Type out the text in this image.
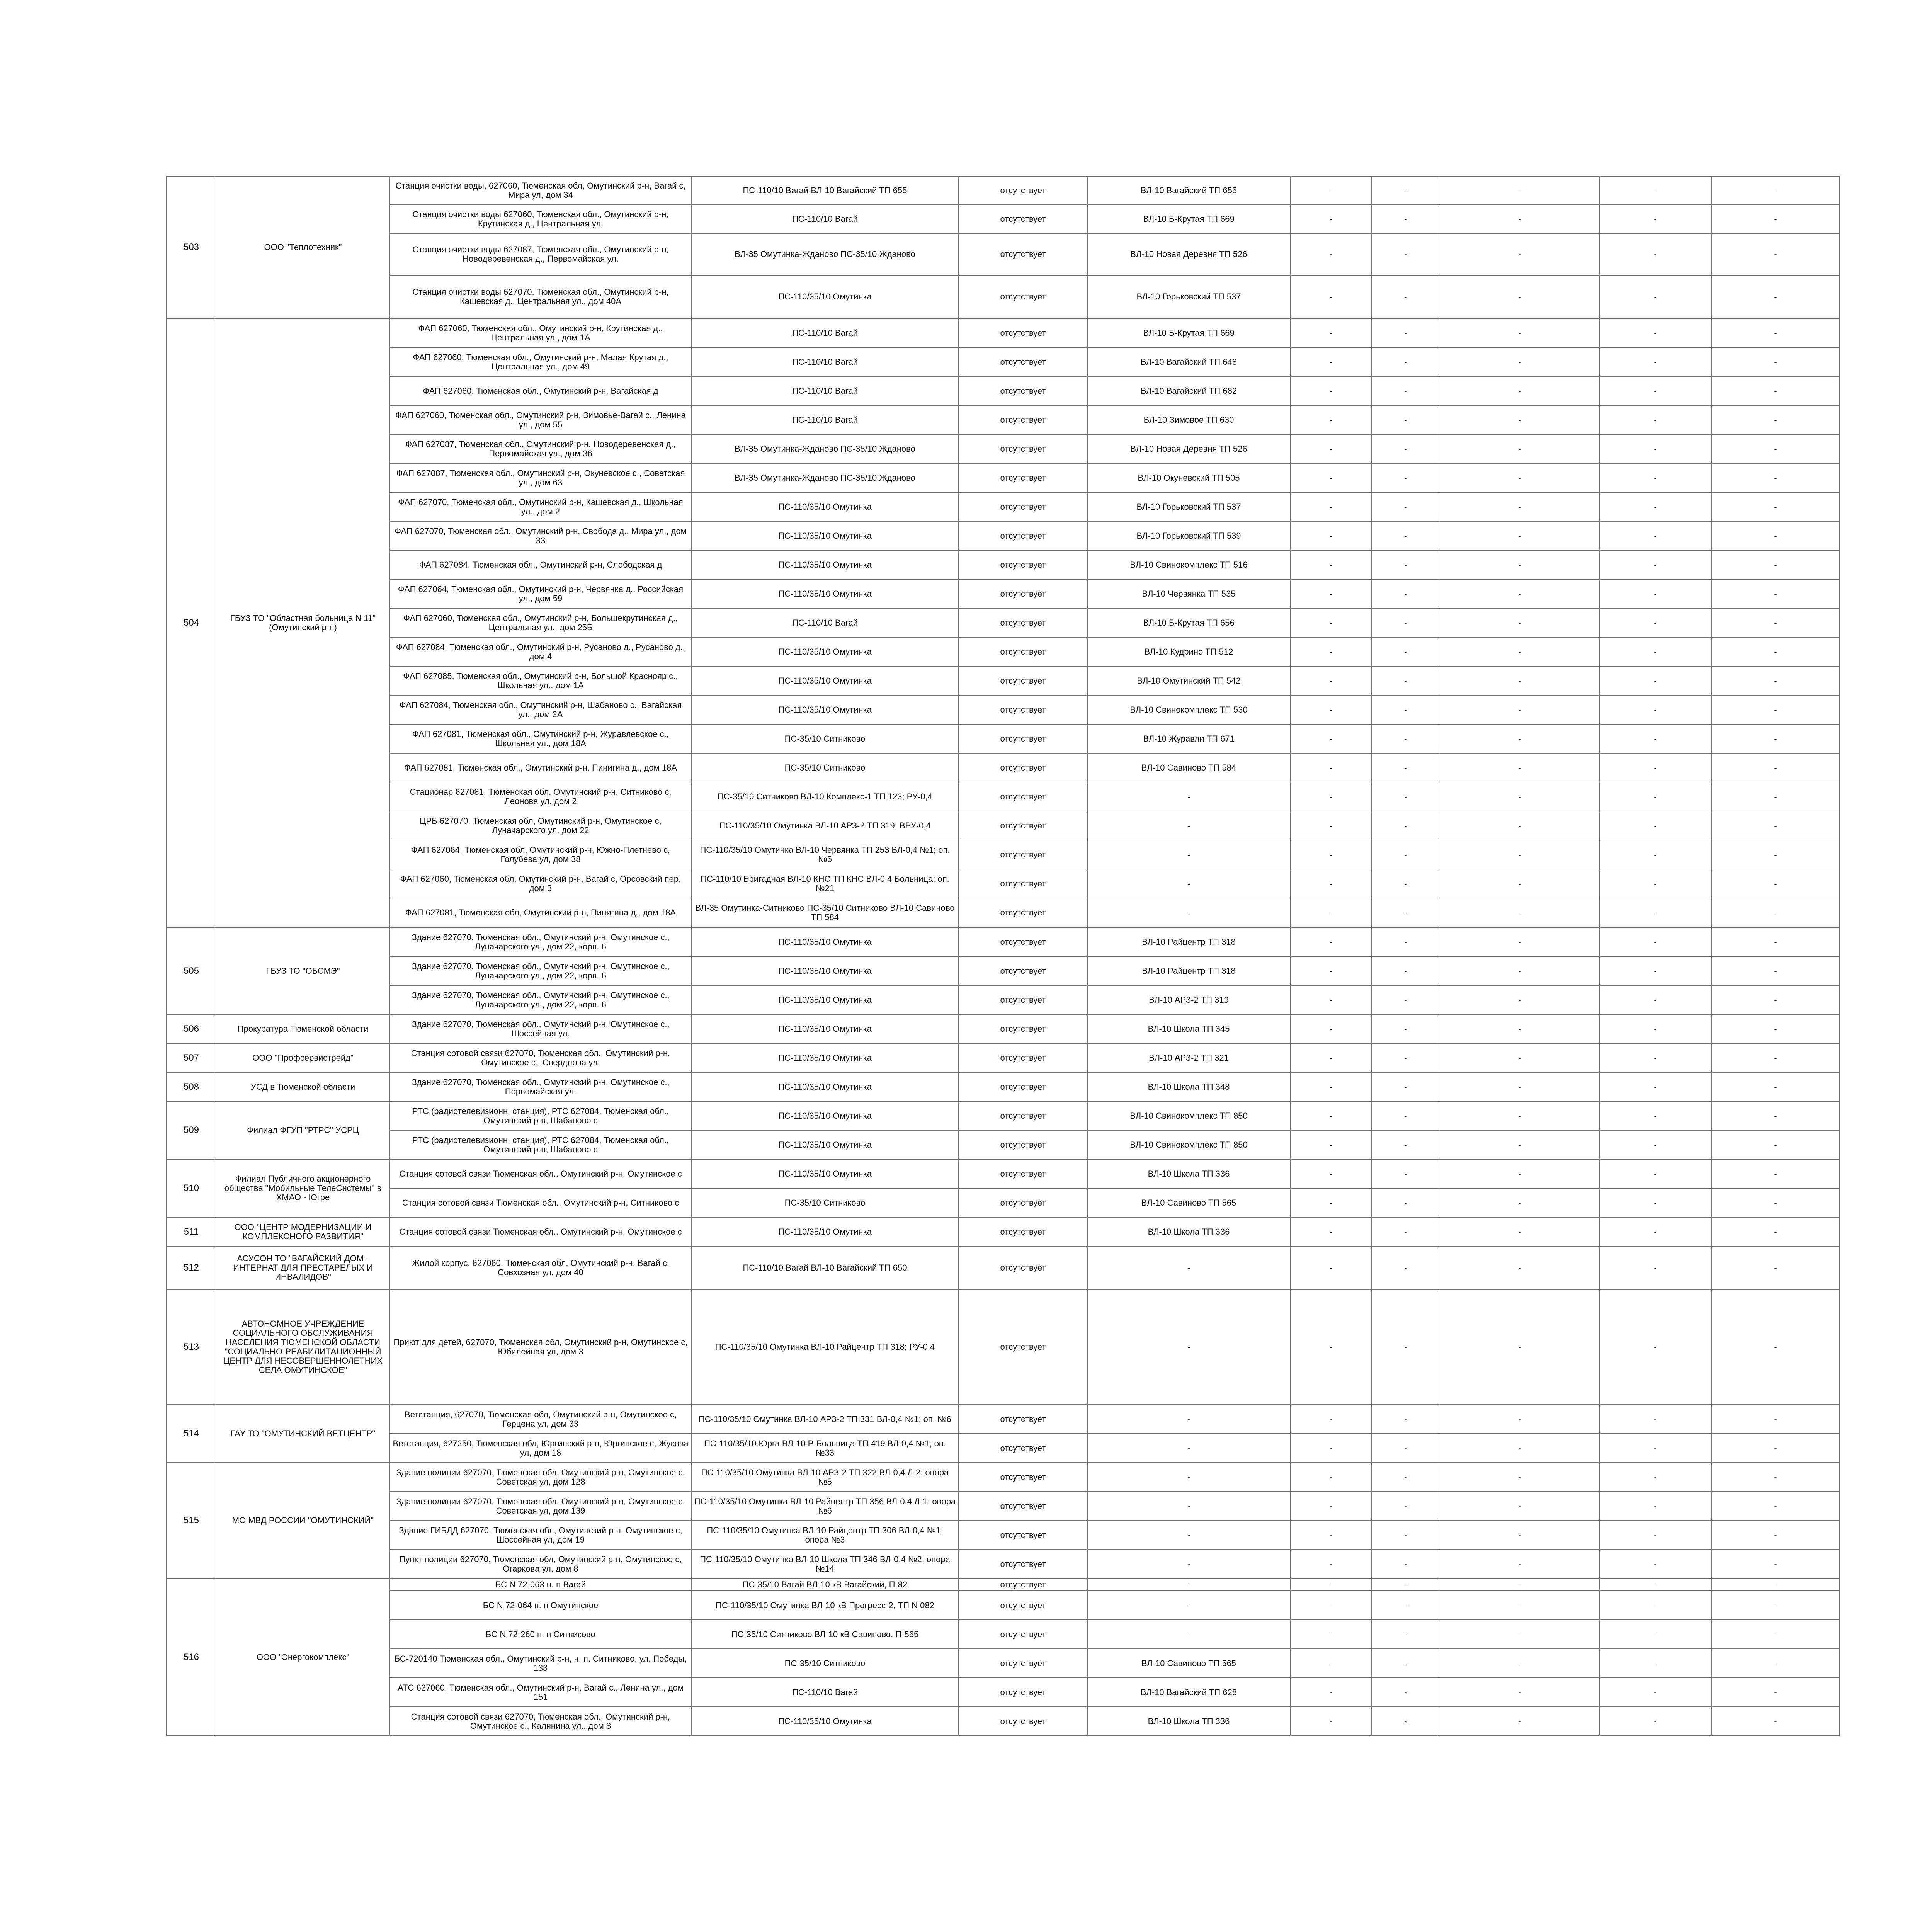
503	ООО "Теплотехник"	Станция очистки воды, 627060, Тюменская обл, Омутинский р-н, Вагай с, Мира ул, дом 34	ПС-110/10 Вагай ВЛ-10 Вагайский ТП 655	отсутствует	ВЛ-10 Вагайский ТП 655	-	-	-	-	-
		Станция очистки воды 627060, Тюменская обл., Омутинский р-н, Крутинская д., Центральная ул.	ПС-110/10 Вагай	отсутствует	ВЛ-10 Б-Крутая ТП 669	-	-	-	-	-
		Станция очистки воды 627087, Тюменская обл., Омутинский р-н, Новодеревенская д., Первомайская ул.	ВЛ-35 Омутинка-Жданово ПС-35/10 Жданово	отсутствует	ВЛ-10 Новая Деревня ТП 526	-	-	-	-	-
		Станция очистки воды 627070, Тюменская обл., Омутинский р-н, Кашевская д., Центральная ул., дом 40А	ПС-110/35/10 Омутинка	отсутствует	ВЛ-10 Горьковский ТП 537	-	-	-	-	-
504	ГБУЗ ТО "Областная больница N 11" (Омутинский р-н)	ФАП 627060, Тюменская обл., Омутинский р-н, Крутинская д., Центральная ул., дом 1А	ПС-110/10 Вагай	отсутствует	ВЛ-10 Б-Крутая ТП 669	-	-	-	-	-
		ФАП 627060, Тюменская обл., Омутинский р-н, Малая Крутая д., Центральная ул., дом 49	ПС-110/10 Вагай	отсутствует	ВЛ-10 Вагайский ТП 648	-	-	-	-	-
		ФАП 627060, Тюменская обл., Омутинский р-н, Вагайская д	ПС-110/10 Вагай	отсутствует	ВЛ-10 Вагайский ТП 682	-	-	-	-	-
		ФАП 627060, Тюменская обл., Омутинский р-н, Зимовье-Вагай с., Ленина ул., дом 55	ПС-110/10 Вагай	отсутствует	ВЛ-10 Зимовое ТП 630	-	-	-	-	-
		ФАП 627087, Тюменская обл., Омутинский р-н, Новодеревенская д., Первомайская ул., дом 36	ВЛ-35 Омутинка-Жданово ПС-35/10 Жданово	отсутствует	ВЛ-10 Новая Деревня ТП 526	-	-	-	-	-
		ФАП 627087, Тюменская обл., Омутинский р-н, Окуневское с., Советская ул., дом 63	ВЛ-35 Омутинка-Жданово ПС-35/10 Жданово	отсутствует	ВЛ-10 Окуневский ТП 505	-	-	-	-	-
		ФАП 627070, Тюменская обл., Омутинский р-н, Кашевская д., Школьная ул., дом 2	ПС-110/35/10 Омутинка	отсутствует	ВЛ-10 Горьковский ТП 537	-	-	-	-	-
		ФАП 627070, Тюменская обл., Омутинский р-н, Свобода д., Мира ул., дом 33	ПС-110/35/10 Омутинка	отсутствует	ВЛ-10 Горьковский ТП 539	-	-	-	-	-
		ФАП 627084, Тюменская обл., Омутинский р-н, Слободская д	ПС-110/35/10 Омутинка	отсутствует	ВЛ-10 Свинокомплекс ТП 516	-	-	-	-	-
		ФАП 627064, Тюменская обл., Омутинский р-н, Червянка д., Российская ул., дом 59	ПС-110/35/10 Омутинка	отсутствует	ВЛ-10 Червянка ТП 535	-	-	-	-	-
		ФАП 627060, Тюменская обл., Омутинский р-н, Большекрутинская д., Центральная ул., дом 25Б	ПС-110/10 Вагай	отсутствует	ВЛ-10 Б-Крутая ТП 656	-	-	-	-	-
		ФАП 627084, Тюменская обл., Омутинский р-н, Русаново д., Русаново д., дом 4	ПС-110/35/10 Омутинка	отсутствует	ВЛ-10 Кудрино ТП 512	-	-	-	-	-
		ФАП 627085, Тюменская обл., Омутинский р-н, Большой Краснояр с., Школьная ул., дом 1А	ПС-110/35/10 Омутинка	отсутствует	ВЛ-10 Омутинский ТП 542	-	-	-	-	-
		ФАП 627084, Тюменская обл., Омутинский р-н, Шабаново с., Вагайская ул., дом 2А	ПС-110/35/10 Омутинка	отсутствует	ВЛ-10 Свинокомплекс ТП 530	-	-	-	-	-
		ФАП 627081, Тюменская обл., Омутинский р-н, Журавлевское с., Школьная ул., дом 18А	ПС-35/10 Ситниково	отсутствует	ВЛ-10 Журавли ТП 671	-	-	-	-	-
		ФАП 627081, Тюменская обл., Омутинский р-н, Пинигина д., дом 18А	ПС-35/10 Ситниково	отсутствует	ВЛ-10 Савиново ТП 584	-	-	-	-	-
		Стационар 627081, Тюменская обл, Омутинский р-н, Ситниково с, Леонова ул, дом 2	ПС-35/10 Ситниково ВЛ-10 Комплекс-1 ТП 123; РУ-0,4	отсутствует	-	-	-	-	-	-
		ЦРБ 627070, Тюменская обл, Омутинский р-н, Омутинское с, Луначарского ул, дом 22	ПС-110/35/10 Омутинка ВЛ-10 АРЗ-2 ТП 319; ВРУ-0,4	отсутствует	-	-	-	-	-	-
		ФАП 627064, Тюменская обл, Омутинский р-н, Южно-Плетнево с, Голубева ул, дом 38	ПС-110/35/10 Омутинка ВЛ-10 Червянка ТП 253 ВЛ-0,4 №1; оп. №5	отсутствует	-	-	-	-	-	-
		ФАП 627060, Тюменская обл, Омутинский р-н, Вагай с, Орсовский пер, дом 3	ПС-110/10 Бригадная ВЛ-10 КНС ТП КНС ВЛ-0,4 Больница; оп. №21	отсутствует	-	-	-	-	-	-
		ФАП 627081, Тюменская обл, Омутинский р-н, Пинигина д., дом 18А	ВЛ-35 Омутинка-Ситниково ПС-35/10 Ситниково ВЛ-10 Савиново ТП 584	отсутствует	-	-	-	-	-	-
505	ГБУЗ ТО "ОБСМЭ"	Здание 627070, Тюменская обл., Омутинский р-н, Омутинское с., Луначарского ул., дом 22, корп. 6	ПС-110/35/10 Омутинка	отсутствует	ВЛ-10 Райцентр ТП 318	-	-	-	-	-
		Здание 627070, Тюменская обл., Омутинский р-н, Омутинское с., Луначарского ул., дом 22, корп. 6	ПС-110/35/10 Омутинка	отсутствует	ВЛ-10 Райцентр ТП 318	-	-	-	-	-
		Здание 627070, Тюменская обл., Омутинский р-н, Омутинское с., Луначарского ул., дом 22, корп. 6	ПС-110/35/10 Омутинка	отсутствует	ВЛ-10 АРЗ-2 ТП 319	-	-	-	-	-
506	Прокуратура Тюменской области	Здание 627070, Тюменская обл., Омутинский р-н, Омутинское с., Шоссейная ул.	ПС-110/35/10 Омутинка	отсутствует	ВЛ-10 Школа ТП 345	-	-	-	-	-
507	ООО "Профсервистрейд"	Станция сотовой связи 627070, Тюменская обл., Омутинский р-н, Омутинское с., Свердлова ул.	ПС-110/35/10 Омутинка	отсутствует	ВЛ-10 АРЗ-2 ТП 321	-	-	-	-	-
508	УСД в Тюменской области	Здание 627070, Тюменская обл., Омутинский р-н, Омутинское с., Первомайская ул.	ПС-110/35/10 Омутинка	отсутствует	ВЛ-10 Школа ТП 348	-	-	-	-	-
509	Филиал ФГУП "РТРС" УСРЦ	РТС (радиотелевизионн. станция), РТС 627084, Тюменская обл., Омутинский р-н, Шабаново с	ПС-110/35/10 Омутинка	отсутствует	ВЛ-10 Свинокомплекс ТП 850	-	-	-	-	-
		РТС (радиотелевизионн. станция), РТС 627084, Тюменская обл., Омутинский р-н, Шабаново с	ПС-110/35/10 Омутинка	отсутствует	ВЛ-10 Свинокомплекс ТП 850	-	-	-	-	-
510	Филиал Публичного акционерного общества "Мобильные ТелеСистемы" в ХМАО - Югре	Станция сотовой связи Тюменская обл., Омутинский р-н, Омутинское с	ПС-110/35/10 Омутинка	отсутствует	ВЛ-10 Школа ТП 336	-	-	-	-	-
		Станция сотовой связи Тюменская обл., Омутинский р-н, Ситниково с	ПС-35/10 Ситниково	отсутствует	ВЛ-10 Савиново ТП 565	-	-	-	-	-
511	ООО "ЦЕНТР МОДЕРНИЗАЦИИ И КОМПЛЕКСНОГО РАЗВИТИЯ"	Станция сотовой связи Тюменская обл., Омутинский р-н, Омутинское с	ПС-110/35/10 Омутинка	отсутствует	ВЛ-10 Школа ТП 336	-	-	-	-	-
512	АСУСОН ТО "ВАГАЙСКИЙ ДОМ - ИНТЕРНАТ ДЛЯ ПРЕСТАРЕЛЫХ И ИНВАЛИДОВ"	Жилой корпус, 627060, Тюменская обл, Омутинский р-н, Вагай с, Совхозная ул, дом 40	ПС-110/10 Вагай ВЛ-10 Вагайский ТП 650	отсутствует	-	-	-	-	-	-
513	АВТОНОМНОЕ УЧРЕЖДЕНИЕ СОЦИАЛЬНОГО ОБСЛУЖИВАНИЯ НАСЕЛЕНИЯ ТЮМЕНСКОЙ ОБЛАСТИ "СОЦИАЛЬНО-РЕАБИЛИТАЦИОННЫЙ ЦЕНТР ДЛЯ НЕСОВЕРШЕННОЛЕТНИХ СЕЛА ОМУТИНСКОЕ"	Приют для детей, 627070, Тюменская обл, Омутинский р-н, Омутинское с, Юбилейная ул, дом 3	ПС-110/35/10 Омутинка ВЛ-10 Райцентр ТП 318; РУ-0,4	отсутствует	-	-	-	-	-	-
514	ГАУ ТО "ОМУТИНСКИЙ ВЕТЦЕНТР"	Ветстанция, 627070, Тюменская обл, Омутинский р-н, Омутинское с, Герцена ул, дом 33	ПС-110/35/10 Омутинка ВЛ-10 АРЗ-2 ТП 331 ВЛ-0,4 №1; оп. №6	отсутствует	-	-	-	-	-	-
		Ветстанция, 627250, Тюменская обл, Юргинский р-н, Юргинское с, Жукова ул, дом 18	ПС-110/35/10 Юрга ВЛ-10 Р-Больница ТП 419 ВЛ-0,4 №1; оп. №33	отсутствует	-	-	-	-	-	-
515	МО МВД РОССИИ "ОМУТИНСКИЙ"	Здание полиции 627070, Тюменская обл, Омутинский р-н, Омутинское с, Советская ул, дом 128	ПС-110/35/10 Омутинка ВЛ-10 АРЗ-2 ТП 322 ВЛ-0,4 Л-2; опора №5	отсутствует	-	-	-	-	-	-
		Здание полиции 627070, Тюменская обл, Омутинский р-н, Омутинское с, Советская ул, дом 139	ПС-110/35/10 Омутинка ВЛ-10 Райцентр ТП 356 ВЛ-0,4 Л-1; опора №6	отсутствует	-	-	-	-	-	-
		Здание ГИБДД 627070, Тюменская обл, Омутинский р-н, Омутинское с, Шоссейная ул, дом 19	ПС-110/35/10 Омутинка ВЛ-10 Райцентр ТП 306 ВЛ-0,4 №1; опора №3	отсутствует	-	-	-	-	-	-
		Пункт полиции 627070, Тюменская обл, Омутинский р-н, Омутинское с, Огаркова ул, дом 8	ПС-110/35/10 Омутинка ВЛ-10 Школа ТП 346 ВЛ-0,4 №2; опора №14	отсутствует	-	-	-	-	-	-
516	ООО "Энергокомплекс"	БС N 72-063 н. п Вагай	ПС-35/10 Вагай ВЛ-10 кВ Вагайский, П-82	отсутствует	-	-	-	-	-	-
		БС N 72-064 н. п Омутинское	ПС-110/35/10 Омутинка ВЛ-10 кВ Прогресс-2, ТП N 082	отсутствует	-	-	-	-	-	-
		БС N 72-260 н. п Ситниково	ПС-35/10 Ситниково ВЛ-10 кВ Савиново, П-565	отсутствует	-	-	-	-	-	-
		БС-720140 Тюменская обл., Омутинский р-н, н. п. Ситниково, ул. Победы, 133	ПС-35/10 Ситниково	отсутствует	ВЛ-10 Савиново ТП 565	-	-	-	-	-
		АТС 627060, Тюменская обл., Омутинский р-н, Вагай с., Ленина ул., дом 151	ПС-110/10 Вагай	отсутствует	ВЛ-10 Вагайский ТП 628	-	-	-	-	-
		Станция сотовой связи 627070, Тюменская обл., Омутинский р-н, Омутинское с., Калинина ул., дом 8	ПС-110/35/10 Омутинка	отсутствует	ВЛ-10 Школа ТП 336	-	-	-	-	-
